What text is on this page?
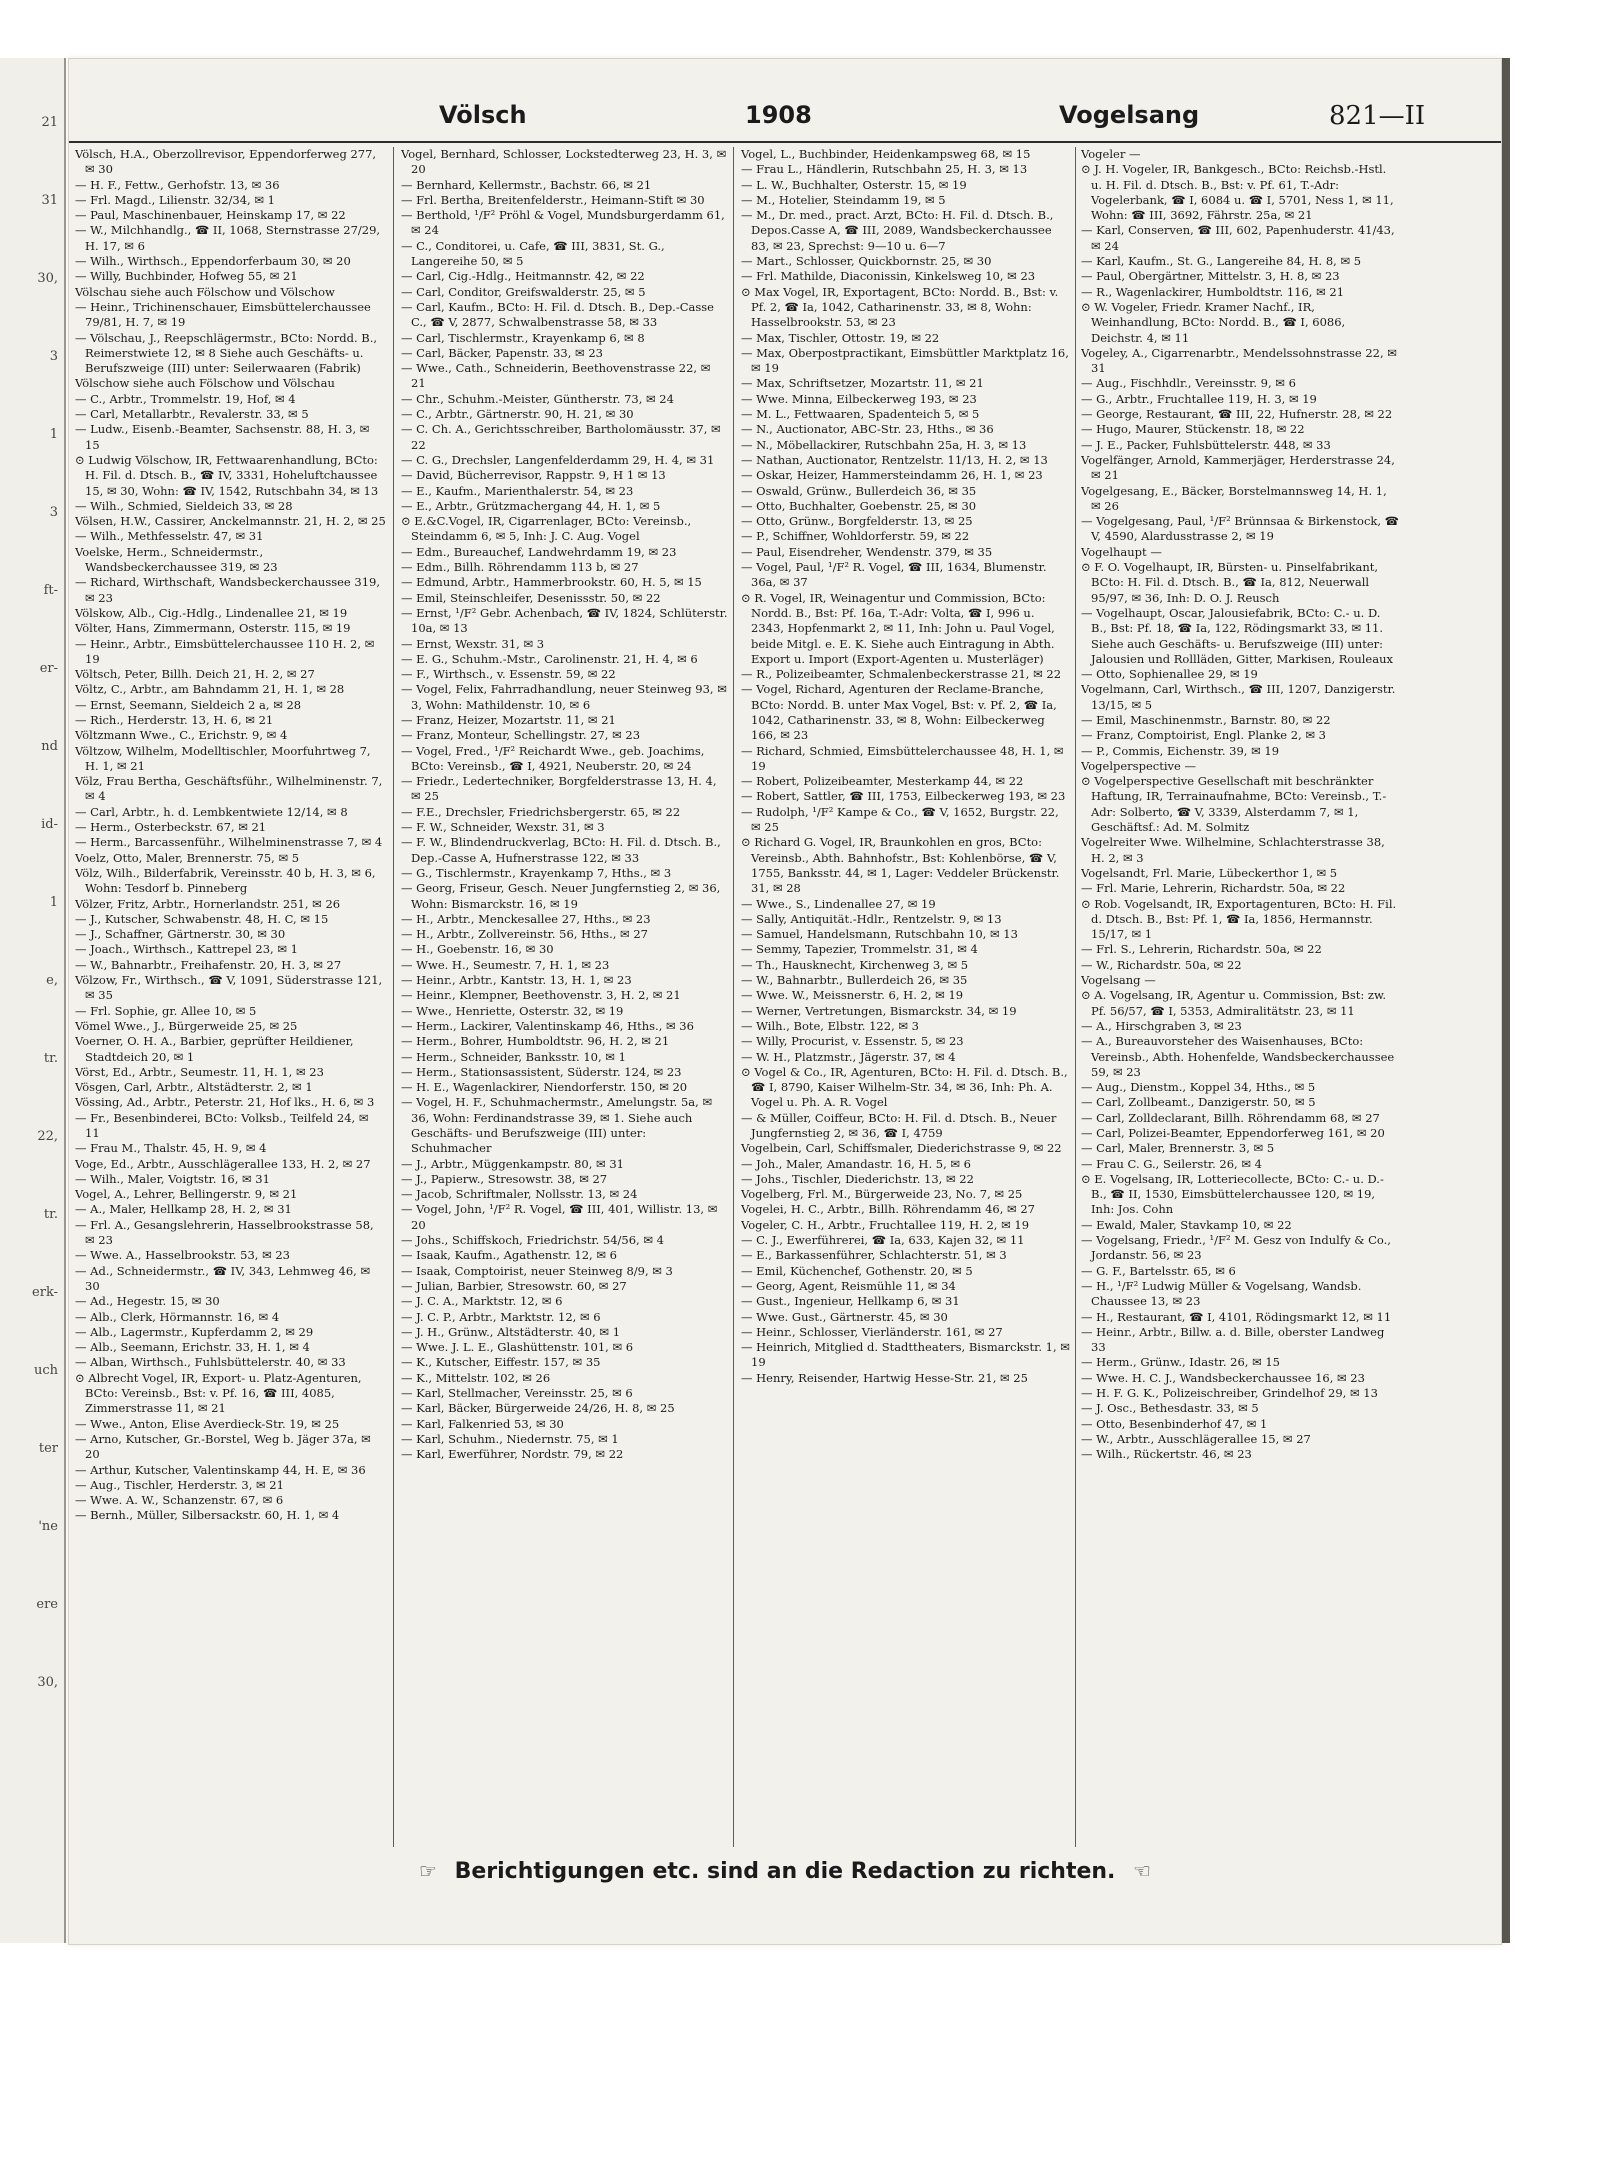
21
31
30,
3
1
3
ft-
er-
nd
id-
1
e,
tr.
22,
tr.
erk-
uch
ter
'ne
ere
30,
Völsch	1908	Vogelsang	821—II
Völsch, H.A., Oberzollrevisor, Eppendorferweg 277, ✉ 30
— H. F., Fettw., Gerhofstr. 13, ✉ 36
— Frl. Magd., Lilienstr. 32/34, ✉ 1
— Paul, Maschinenbauer, Heinskamp 17, ✉ 22
— W., Milchhandlg., ☎ II, 1068, Sternstrasse 27/29, H. 17, ✉ 6
— Wilh., Wirthsch., Eppendorferbaum 30, ✉ 20
— Willy, Buchbinder, Hofweg 55, ✉ 21
Völschau siehe auch Fölschow und Völschow
— Heinr., Trichinenschauer, Eimsbüttelerchaussee 79/81, H. 7, ✉ 19
— Völschau, J., Reepschlägermstr., BCto: Nordd. B., Reimerstwiete 12, ✉ 8 Siehe auch Geschäfts- u. Berufszweige (III) unter: Seilerwaaren (Fabrik)
Völschow siehe auch Fölschow und Völschau
— C., Arbtr., Trommelstr. 19, Hof, ✉ 4
— Carl, Metallarbtr., Revalerstr. 33, ✉ 5
— Ludw., Eisenb.-Beamter, Sachsenstr. 88, H. 3, ✉ 15
⊙ Ludwig Völschow, IR, Fettwaarenhandlung, BCto: H. Fil. d. Dtsch. B., ☎ IV, 3331, Hoheluftchaussee 15, ✉ 30, Wohn: ☎ IV, 1542, Rutschbahn 34, ✉ 13
— Wilh., Schmied, Sieldeich 33, ✉ 28
Völsen, H.W., Cassirer, Anckelmannstr. 21, H. 2, ✉ 25
— Wilh., Methfesselstr. 47, ✉ 31
Voelske, Herm., Schneidermstr., Wandsbeckerchaussee 319, ✉ 23
— Richard, Wirthschaft, Wandsbeckerchaussee 319, ✉ 23
Völskow, Alb., Cig.-Hdlg., Lindenallee 21, ✉ 19
Völter, Hans, Zimmermann, Osterstr. 115, ✉ 19
— Heinr., Arbtr., Eimsbüttelerchaussee 110 H. 2, ✉ 19
Völtsch, Peter, Billh. Deich 21, H. 2, ✉ 27
Völtz, C., Arbtr., am Bahndamm 21, H. 1, ✉ 28
— Ernst, Seemann, Sieldeich 2 a, ✉ 28
— Rich., Herderstr. 13, H. 6, ✉ 21
Völtzmann Wwe., C., Erichstr. 9, ✉ 4
Völtzow, Wilhelm, Modelltischler, Moorfuhrtweg 7, H. 1, ✉ 21
Völz, Frau Bertha, Geschäftsführ., Wilhelminenstr. 7, ✉ 4
— Carl, Arbtr., h. d. Lembkentwiete 12/14, ✉ 8
— Herm., Osterbeckstr. 67, ✉ 21
— Herm., Barcassenführ., Wilhelminenstrasse 7, ✉ 4
Voelz, Otto, Maler, Brennerstr. 75, ✉ 5
Völz, Wilh., Bilderfabrik, Vereinsstr. 40 b, H. 3, ✉ 6, Wohn: Tesdorf b. Pinneberg
Völzer, Fritz, Arbtr., Hornerlandstr. 251, ✉ 26
— J., Kutscher, Schwabenstr. 48, H. C, ✉ 15
— J., Schaffner, Gärtnerstr. 30, ✉ 30
— Joach., Wirthsch., Kattrepel 23, ✉ 1
— W., Bahnarbtr., Freihafenstr. 20, H. 3, ✉ 27
Völzow, Fr., Wirthsch., ☎ V, 1091, Süderstrasse 121, ✉ 35
— Frl. Sophie, gr. Allee 10, ✉ 5
Vömel Wwe., J., Bürgerweide 25, ✉ 25
Voerner, O. H. A., Barbier, geprüfter Heildiener, Stadtdeich 20, ✉ 1
Vörst, Ed., Arbtr., Seumestr. 11, H. 1, ✉ 23
Vösgen, Carl, Arbtr., Altstädterstr. 2, ✉ 1
Vössing, Ad., Arbtr., Peterstr. 21, Hof lks., H. 6, ✉ 3
— Fr., Besenbinderei, BCto: Volksb., Teilfeld 24, ✉ 11
— Frau M., Thalstr. 45, H. 9, ✉ 4
Voge, Ed., Arbtr., Ausschlägerallee 133, H. 2, ✉ 27
— Wilh., Maler, Voigtstr. 16, ✉ 31
Vogel, A., Lehrer, Bellingerstr. 9, ✉ 21
— A., Maler, Hellkamp 28, H. 2, ✉ 31
— Frl. A., Gesangslehrerin, Hasselbrookstrasse 58, ✉ 23
— Wwe. A., Hasselbrookstr. 53, ✉ 23
— Ad., Schneidermstr., ☎ IV, 343, Lehmweg 46, ✉ 30
— Ad., Hegestr. 15, ✉ 30
— Alb., Clerk, Hörmannstr. 16, ✉ 4
— Alb., Lagermstr., Kupferdamm 2, ✉ 29
— Alb., Seemann, Erichstr. 33, H. 1, ✉ 4
— Alban, Wirthsch., Fuhlsbüttelerstr. 40, ✉ 33
⊙ Albrecht Vogel, IR, Export- u. Platz-Agenturen, BCto: Vereinsb., Bst: v. Pf. 16, ☎ III, 4085, Zimmerstrasse 11, ✉ 21
— Wwe., Anton, Elise Averdieck-Str. 19, ✉ 25
— Arno, Kutscher, Gr.-Borstel, Weg b. Jäger 37a, ✉ 20
— Arthur, Kutscher, Valentinskamp 44, H. E, ✉ 36
— Aug., Tischler, Herderstr. 3, ✉ 21
— Wwe. A. W., Schanzenstr. 67, ✉ 6
— Bernh., Müller, Silbersackstr. 60, H. 1, ✉ 4
Vogel, Bernhard, Schlosser, Lockstedterweg 23, H. 3, ✉ 20
— Bernhard, Kellermstr., Bachstr. 66, ✉ 21
— Frl. Bertha, Breitenfelderstr., Heimann-Stift ✉ 30
— Berthold, ¹/F² Pröhl & Vogel, Mundsburgerdamm 61, ✉ 24
— C., Conditorei, u. Cafe, ☎ III, 3831, St. G., Langereihe 50, ✉ 5
— Carl, Cig.-Hdlg., Heitmannstr. 42, ✉ 22
— Carl, Conditor, Greifswalderstr. 25, ✉ 5
— Carl, Kaufm., BCto: H. Fil. d. Dtsch. B., Dep.-Casse C., ☎ V, 2877, Schwalbenstrasse 58, ✉ 33
— Carl, Tischlermstr., Krayenkamp 6, ✉ 8
— Carl, Bäcker, Papenstr. 33, ✉ 23
— Wwe., Cath., Schneiderin, Beethovenstrasse 22, ✉ 21
— Chr., Schuhm.-Meister, Güntherstr. 73, ✉ 24
— C., Arbtr., Gärtnerstr. 90, H. 21, ✉ 30
— C. Ch. A., Gerichtsschreiber, Bartholomäusstr. 37, ✉ 22
— C. G., Drechsler, Langenfelderdamm 29, H. 4, ✉ 31
— David, Bücherrevisor, Rappstr. 9, H 1 ✉ 13
— E., Kaufm., Marienthalerstr. 54, ✉ 23
— E., Arbtr., Grützmachergang 44, H. 1, ✉ 5
⊙ E.&C.Vogel, IR, Cigarrenlager, BCto: Vereinsb., Steindamm 6, ✉ 5, Inh: J. C. Aug. Vogel
— Edm., Bureauchef, Landwehrdamm 19, ✉ 23
— Edm., Billh. Röhrendamm 113 b, ✉ 27
— Edmund, Arbtr., Hammerbrookstr. 60, H. 5, ✉ 15
— Emil, Steinschleifer, Desenissstr. 50, ✉ 22
— Ernst, ¹/F² Gebr. Achenbach, ☎ IV, 1824, Schlüterstr. 10a, ✉ 13
— Ernst, Wexstr. 31, ✉ 3
— E. G., Schuhm.-Mstr., Carolinenstr. 21, H. 4, ✉ 6
— F., Wirthsch., v. Essenstr. 59, ✉ 22
— Vogel, Felix, Fahrradhandlung, neuer Steinweg 93, ✉ 3, Wohn: Mathildenstr. 10, ✉ 6
— Franz, Heizer, Mozartstr. 11, ✉ 21
— Franz, Monteur, Schellingstr. 27, ✉ 23
— Vogel, Fred., ¹/F² Reichardt Wwe., geb. Joachims, BCto: Vereinsb., ☎ I, 4921, Neuberstr. 20, ✉ 24
— Friedr., Ledertechniker, Borgfelderstrasse 13, H. 4, ✉ 25
— F.E., Drechsler, Friedrichsbergerstr. 65, ✉ 22
— F. W., Schneider, Wexstr. 31, ✉ 3
— F. W., Blindendruckverlag, BCto: H. Fil. d. Dtsch. B., Dep.-Casse A, Hufnerstrasse 122, ✉ 33
— G., Tischlermstr., Krayenkamp 7, Hths., ✉ 3
— Georg, Friseur, Gesch. Neuer Jungfernstieg 2, ✉ 36, Wohn: Bismarckstr. 16, ✉ 19
— H., Arbtr., Menckesallee 27, Hths., ✉ 23
— H., Arbtr., Zollvereinstr. 56, Hths., ✉ 27
— H., Goebenstr. 16, ✉ 30
— Wwe. H., Seumestr. 7, H. 1, ✉ 23
— Heinr., Arbtr., Kantstr. 13, H. 1, ✉ 23
— Heinr., Klempner, Beethovenstr. 3, H. 2, ✉ 21
— Wwe., Henriette, Osterstr. 32, ✉ 19
— Herm., Lackirer, Valentinskamp 46, Hths., ✉ 36
— Herm., Bohrer, Humboldtstr. 96, H. 2, ✉ 21
— Herm., Schneider, Banksstr. 10, ✉ 1
— Herm., Stationsassistent, Süderstr. 124, ✉ 23
— H. E., Wagenlackirer, Niendorferstr. 150, ✉ 20
— Vogel, H. F., Schuhmachermstr., Amelungstr. 5a, ✉ 36, Wohn: Ferdinandstrasse 39, ✉ 1. Siehe auch Geschäfts- und Berufszweige (III) unter: Schuhmacher
— J., Arbtr., Müggenkampstr. 80, ✉ 31
— J., Papierw., Stresowstr. 38, ✉ 27
— Jacob, Schriftmaler, Nollsstr. 13, ✉ 24
— Vogel, John, ¹/F² R. Vogel, ☎ III, 401, Willistr. 13, ✉ 20
— Johs., Schiffskoch, Friedrichstr. 54/56, ✉ 4
— Isaak, Kaufm., Agathenstr. 12, ✉ 6
— Isaak, Comptoirist, neuer Steinweg 8/9, ✉ 3
— Julian, Barbier, Stresowstr. 60, ✉ 27
— J. C. A., Marktstr. 12, ✉ 6
— J. C. P., Arbtr., Marktstr. 12, ✉ 6
— J. H., Grünw., Altstädterstr. 40, ✉ 1
— Wwe. J. L. E., Glashüttenstr. 101, ✉ 6
— K., Kutscher, Eiffestr. 157, ✉ 35
— K., Mittelstr. 102, ✉ 26
— Karl, Stellmacher, Vereinsstr. 25, ✉ 6
— Karl, Bäcker, Bürgerweide 24/26, H. 8, ✉ 25
— Karl, Falkenried 53, ✉ 30
— Karl, Schuhm., Niedernstr. 75, ✉ 1
— Karl, Ewerführer, Nordstr. 79, ✉ 22
Vogel, L., Buchbinder, Heidenkampsweg 68, ✉ 15
— Frau L., Händlerin, Rutschbahn 25, H. 3, ✉ 13
— L. W., Buchhalter, Osterstr. 15, ✉ 19
— M., Hotelier, Steindamm 19, ✉ 5
— M., Dr. med., pract. Arzt, BCto: H. Fil. d. Dtsch. B., Depos.Casse A, ☎ III, 2089, Wandsbeckerchaussee 83, ✉ 23, Sprechst: 9—10 u. 6—7
— Mart., Schlosser, Quickbornstr. 25, ✉ 30
— Frl. Mathilde, Diaconissin, Kinkelsweg 10, ✉ 23
⊙ Max Vogel, IR, Exportagent, BCto: Nordd. B., Bst: v. Pf. 2, ☎ Ia, 1042, Catharinenstr. 33, ✉ 8, Wohn: Hasselbrookstr. 53, ✉ 23
— Max, Tischler, Ottostr. 19, ✉ 22
— Max, Oberpostpractikant, Eimsbüttler Marktplatz 16, ✉ 19
— Max, Schriftsetzer, Mozartstr. 11, ✉ 21
— Wwe. Minna, Eilbeckerweg 193, ✉ 23
— M. L., Fettwaaren, Spadenteich 5, ✉ 5
— N., Auctionator, ABC-Str. 23, Hths., ✉ 36
— N., Möbellackirer, Rutschbahn 25a, H. 3, ✉ 13
— Nathan, Auctionator, Rentzelstr. 11/13, H. 2, ✉ 13
— Oskar, Heizer, Hammersteindamm 26, H. 1, ✉ 23
— Oswald, Grünw., Bullerdeich 36, ✉ 35
— Otto, Buchhalter, Goebenstr. 25, ✉ 30
— Otto, Grünw., Borgfelderstr. 13, ✉ 25
— P., Schiffner, Wohldorferstr. 59, ✉ 22
— Paul, Eisendreher, Wendenstr. 379, ✉ 35
— Vogel, Paul, ¹/F² R. Vogel, ☎ III, 1634, Blumenstr. 36a, ✉ 37
⊙ R. Vogel, IR, Weinagentur und Commission, BCto: Nordd. B., Bst: Pf. 16a, T.-Adr: Volta, ☎ I, 996 u. 2343, Hopfenmarkt 2, ✉ 11, Inh: John u. Paul Vogel, beide Mitgl. e. E. K. Siehe auch Eintragung in Abth. Export u. Import (Export-Agenten u. Musterläger)
— R., Polizeibeamter, Schmalenbeckerstrasse 21, ✉ 22
— Vogel, Richard, Agenturen der Reclame-Branche, BCto: Nordd. B. unter Max Vogel, Bst: v. Pf. 2, ☎ Ia, 1042, Catharinenstr. 33, ✉ 8, Wohn: Eilbeckerweg 166, ✉ 23
— Richard, Schmied, Eimsbüttelerchaussee 48, H. 1, ✉ 19
— Robert, Polizeibeamter, Mesterkamp 44, ✉ 22
— Robert, Sattler, ☎ III, 1753, Eilbeckerweg 193, ✉ 23
— Rudolph, ¹/F² Kampe & Co., ☎ V, 1652, Burgstr. 22, ✉ 25
⊙ Richard G. Vogel, IR, Braunkohlen en gros, BCto: Vereinsb., Abth. Bahnhofstr., Bst: Kohlenbörse, ☎ V, 1755, Banksstr. 44, ✉ 1, Lager: Veddeler Brückenstr. 31, ✉ 28
— Wwe., S., Lindenallee 27, ✉ 19
— Sally, Antiquität.-Hdlr., Rentzelstr. 9, ✉ 13
— Samuel, Handelsmann, Rutschbahn 10, ✉ 13
— Semmy, Tapezier, Trommelstr. 31, ✉ 4
— Th., Hausknecht, Kirchenweg 3, ✉ 5
— W., Bahnarbtr., Bullerdeich 26, ✉ 35
— Wwe. W., Meissnerstr. 6, H. 2, ✉ 19
— Werner, Vertretungen, Bismarckstr. 34, ✉ 19
— Wilh., Bote, Elbstr. 122, ✉ 3
— Willy, Procurist, v. Essenstr. 5, ✉ 23
— W. H., Platzmstr., Jägerstr. 37, ✉ 4
⊙ Vogel & Co., IR, Agenturen, BCto: H. Fil. d. Dtsch. B., ☎ I, 8790, Kaiser Wilhelm-Str. 34, ✉ 36, Inh: Ph. A. Vogel u. Ph. A. R. Vogel
— & Müller, Coiffeur, BCto: H. Fil. d. Dtsch. B., Neuer Jungfernstieg 2, ✉ 36, ☎ I, 4759
Vogelbein, Carl, Schiffsmaler, Diederichstrasse 9, ✉ 22
— Joh., Maler, Amandastr. 16, H. 5, ✉ 6
— Johs., Tischler, Diederichstr. 13, ✉ 22
Vogelberg, Frl. M., Bürgerweide 23, No. 7, ✉ 25
Vogelei, H. C., Arbtr., Billh. Röhrendamm 46, ✉ 27
Vogeler, C. H., Arbtr., Fruchtallee 119, H. 2, ✉ 19
— C. J., Ewerführerei, ☎ Ia, 633, Kajen 32, ✉ 11
— E., Barkassenführer, Schlachterstr. 51, ✉ 3
— Emil, Küchenchef, Gothenstr. 20, ✉ 5
— Georg, Agent, Reismühle 11, ✉ 34
— Gust., Ingenieur, Hellkamp 6, ✉ 31
— Wwe. Gust., Gärtnerstr. 45, ✉ 30
— Heinr., Schlosser, Vierländerstr. 161, ✉ 27
— Heinrich, Mitglied d. Stadttheaters, Bismarckstr. 1, ✉ 19
— Henry, Reisender, Hartwig Hesse-Str. 21, ✉ 25
Vogeler —
⊙ J. H. Vogeler, IR, Bankgesch., BCto: Reichsb.-Hstl. u. H. Fil. d. Dtsch. B., Bst: v. Pf. 61, T.-Adr: Vogelerbank, ☎ I, 6084 u. ☎ I, 5701, Ness 1, ✉ 11, Wohn: ☎ III, 3692, Fährstr. 25a, ✉ 21
— Karl, Conserven, ☎ III, 602, Papenhuderstr. 41/43, ✉ 24
— Karl, Kaufm., St. G., Langereihe 84, H. 8, ✉ 5
— Paul, Obergärtner, Mittelstr. 3, H. 8, ✉ 23
— R., Wagenlackirer, Humboldtstr. 116, ✉ 21
⊙ W. Vogeler, Friedr. Kramer Nachf., IR, Weinhandlung, BCto: Nordd. B., ☎ I, 6086, Deichstr. 4, ✉ 11
Vogeley, A., Cigarrenarbtr., Mendelssohnstrasse 22, ✉ 31
— Aug., Fischhdlr., Vereinsstr. 9, ✉ 6
— G., Arbtr., Fruchtallee 119, H. 3, ✉ 19
— George, Restaurant, ☎ III, 22, Hufnerstr. 28, ✉ 22
— Hugo, Maurer, Stückenstr. 18, ✉ 22
— J. E., Packer, Fuhlsbüttelerstr. 448, ✉ 33
Vogelfänger, Arnold, Kammerjäger, Herderstrasse 24, ✉ 21
Vogelgesang, E., Bäcker, Borstelmannsweg 14, H. 1, ✉ 26
— Vogelgesang, Paul, ¹/F² Brünnsaa & Birkenstock, ☎ V, 4590, Alardusstrasse 2, ✉ 19
Vogelhaupt —
⊙ F. O. Vogelhaupt, IR, Bürsten- u. Pinselfabrikant, BCto: H. Fil. d. Dtsch. B., ☎ Ia, 812, Neuerwall 95/97, ✉ 36, Inh: D. O. J. Reusch
— Vogelhaupt, Oscar, Jalousiefabrik, BCto: C.- u. D. B., Bst: Pf. 18, ☎ Ia, 122, Rödingsmarkt 33, ✉ 11. Siehe auch Geschäfts- u. Berufszweige (III) unter: Jalousien und Rollläden, Gitter, Markisen, Rouleaux
— Otto, Sophienallee 29, ✉ 19
Vogelmann, Carl, Wirthsch., ☎ III, 1207, Danzigerstr. 13/15, ✉ 5
— Emil, Maschinenmstr., Barnstr. 80, ✉ 22
— Franz, Comptoirist, Engl. Planke 2, ✉ 3
— P., Commis, Eichenstr. 39, ✉ 19
Vogelperspective —
⊙ Vogelperspective Gesellschaft mit beschränkter Haftung, IR, Terrainaufnahme, BCto: Vereinsb., T.-Adr: Solberto, ☎ V, 3339, Alsterdamm 7, ✉ 1, Geschäftsf.: Ad. M. Solmitz
Vogelreiter Wwe. Wilhelmine, Schlachterstrasse 38, H. 2, ✉ 3
Vogelsandt, Frl. Marie, Lübeckerthor 1, ✉ 5
— Frl. Marie, Lehrerin, Richardstr. 50a, ✉ 22
⊙ Rob. Vogelsandt, IR, Exportagenturen, BCto: H. Fil. d. Dtsch. B., Bst: Pf. 1, ☎ Ia, 1856, Hermannstr. 15/17, ✉ 1
— Frl. S., Lehrerin, Richardstr. 50a, ✉ 22
— W., Richardstr. 50a, ✉ 22
Vogelsang —
⊙ A. Vogelsang, IR, Agentur u. Commission, Bst: zw. Pf. 56/57, ☎ I, 5353, Admiralitätstr. 23, ✉ 11
— A., Hirschgraben 3, ✉ 23
— A., Bureauvorsteher des Waisenhauses, BCto: Vereinsb., Abth. Hohenfelde, Wandsbeckerchaussee 59, ✉ 23
— Aug., Dienstm., Koppel 34, Hths., ✉ 5
— Carl, Zollbeamt., Danzigerstr. 50, ✉ 5
— Carl, Zolldeclarant, Billh. Röhrendamm 68, ✉ 27
— Carl, Polizei-Beamter, Eppendorferweg 161, ✉ 20
— Carl, Maler, Brennerstr. 3, ✉ 5
— Frau C. G., Seilerstr. 26, ✉ 4
⊙ E. Vogelsang, IR, Lotteriecollecte, BCto: C.- u. D.-B., ☎ II, 1530, Eimsbüttelerchaussee 120, ✉ 19, Inh: Jos. Cohn
— Ewald, Maler, Stavkamp 10, ✉ 22
— Vogelsang, Friedr., ¹/F² M. Gesz von Indulfy & Co., Jordanstr. 56, ✉ 23
— G. F., Bartelsstr. 65, ✉ 6
— H., ¹/F² Ludwig Müller & Vogelsang, Wandsb. Chaussee 13, ✉ 23
— H., Restaurant, ☎ I, 4101, Rödingsmarkt 12, ✉ 11
— Heinr., Arbtr., Billw. a. d. Bille, oberster Landweg 33
— Herm., Grünw., Idastr. 26, ✉ 15
— Wwe. H. C. J., Wandsbeckerchaussee 16, ✉ 23
— H. F. G. K., Polizeischreiber, Grindelhof 29, ✉ 13
— J. Osc., Bethesdastr. 33, ✉ 5
— Otto, Besenbinderhof 47, ✉ 1
— W., Arbtr., Ausschlägerallee 15, ✉ 27
— Wilh., Rückertstr. 46, ✉ 23
☞ Berichtigungen etc. sind an die Redaction zu richten. ☜
